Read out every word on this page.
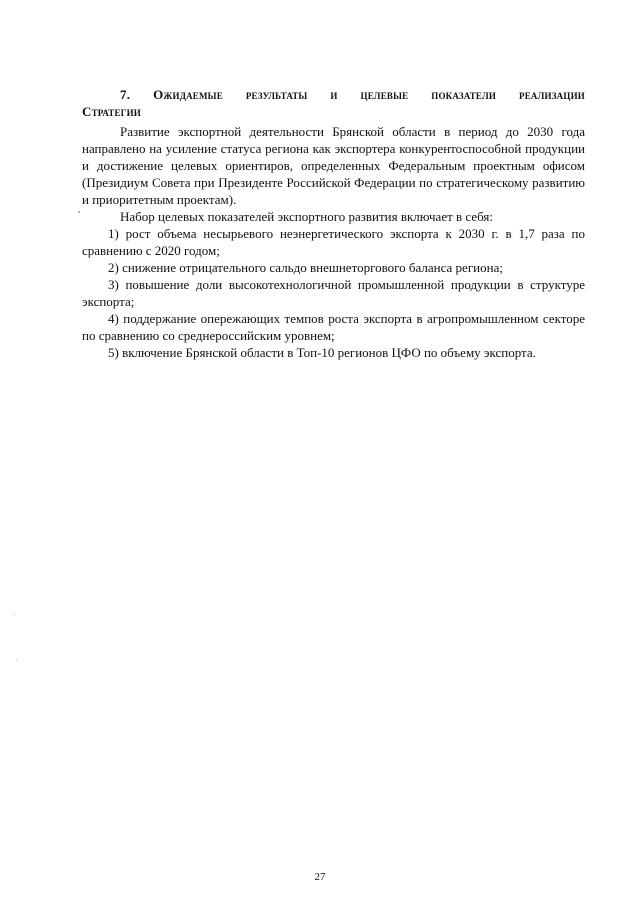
7. Ожидаемые результаты и целевые показатели реализации Стратегии

Развитие экспортной деятельности Брянской области в период до 2030 года направлено на усиление статуса региона как экспортера конкурентоспособной продукции и достижение целевых ориентиров, определенных Федеральным проектным офисом (Президиум Совета при Президенте Российской Федерации по стратегическому развитию и приоритетным проектам).

Набор целевых показателей экспортного развития включает в себя:

1) рост объема несырьевого неэнергетического экспорта к 2030 г. в 1,7 раза по сравнению с 2020 годом;
2) снижение отрицательного сальдо внешнеторгового баланса региона;
3) повышение доли высокотехнологичной промышленной продукции в структуре экспорта;
4) поддержание опережающих темпов роста экспорта в агропромышленном секторе по сравнению со среднероссийским уровнем;
5) включение Брянской области в Топ-10 регионов ЦФО по объему экспорта.
27
